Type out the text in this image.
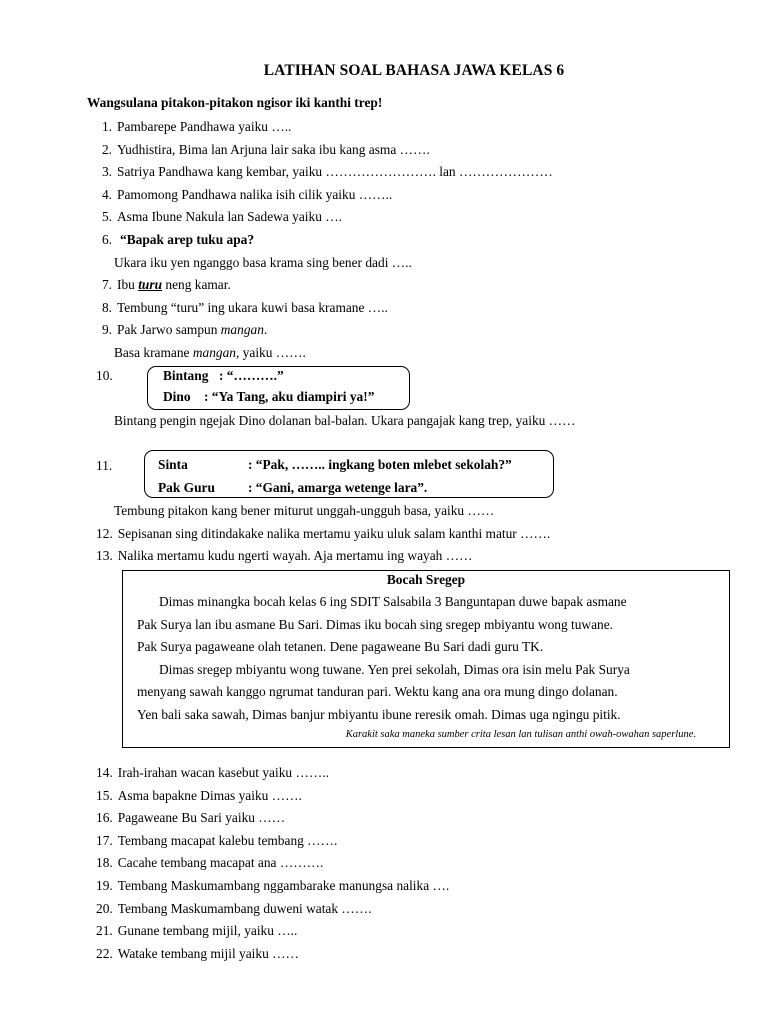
LATIHAN SOAL BAHASA JAWA KELAS 6
Wangsulana pitakon-pitakon ngisor iki kanthi trep!
1. Pambarepe Pandhawa yaiku …..
2. Yudhistira, Bima lan Arjuna lair saka ibu kang asma …….
3. Satriya Pandhawa kang kembar, yaiku ……………………. lan …………………
4. Pamomong Pandhawa nalika isih cilik yaiku ……..
5. Asma Ibune Nakula lan Sadewa yaiku ….
6. “Bapak arep tuku apa?
Ukara iku yen nganggo basa krama sing bener dadi …..
7. Ibu turu neng kamar.
8. Tembung “turu” ing ukara kuwi basa kramane …..
9. Pak Jarwo sampun mangan.
Basa kramane mangan, yaiku …….
10.	Bintang : “……….”
Dino : “Ya Tang, aku diampiri ya!”
Bintang pengin ngejak Dino dolanan bal-balan. Ukara pangajak kang trep, yaiku ……
11.	Sinta	: “Pak, …….. ingkang boten mlebet sekolah?”
Pak Guru : “Gani, amarga wetenge lara”.
Tembung pitakon kang bener miturut unggah-ungguh basa, yaiku ……
12. Sepisanan sing ditindakake nalika mertamu yaiku uluk salam kanthi matur …….
13. Nalika mertamu kudu ngerti wayah. Aja mertamu ing wayah ……
Bocah Sregep
Dimas minangka bocah kelas 6 ing SDIT Salsabila 3 Banguntapan duwe bapak asmane
Pak Surya lan ibu asmane Bu Sari. Dimas iku bocah sing sregep mbiyantu wong tuwane.
Pak Surya pagaweane olah tetanen. Dene pagaweane Bu Sari dadi guru TK.
Dimas sregep mbiyantu wong tuwane. Yen prei sekolah, Dimas ora isin melu Pak Surya
menyang sawah kanggo ngrumat tanduran pari. Wektu kang ana ora mung dingo dolanan.
Yen bali saka sawah, Dimas banjur mbiyantu ibune reresik omah. Dimas uga ngingu pitik.
Karakit saka maneka sumber crita lesan lan tulisan anthi owah-owahan saperlune.
14. Irah-irahan wacan kasebut yaiku ……..
15. Asma bapakne Dimas yaiku …….
16. Pagaweane Bu Sari yaiku ……
17. Tembang macapat kalebu tembang …….
18. Cacahe tembang macapat ana ……….
19. Tembang Maskumambang nggambarake manungsa nalika ….
20. Tembang Maskumambang duweni watak …….
21. Gunane tembang mijil, yaiku …..
22. Watake tembang mijil yaiku ……
